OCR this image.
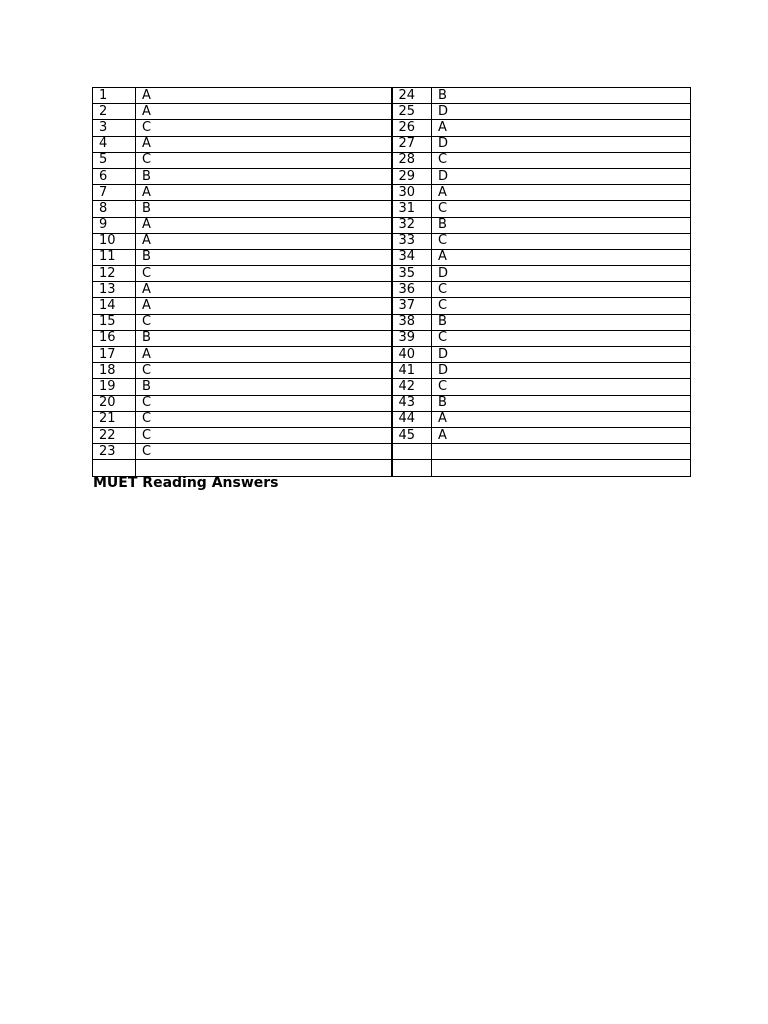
1	A	24	B
2	A	25	D
3	C	26	A
4	A	27	D
5	C	28	C
6	B	29	D
7	A	30	A
8	B	31	C
9	A	32	B
10	A	33	C
11	B	34	A
12	C	35	D
13	A	36	C
14	A	37	C
15	C	38	B
16	B	39	C
17	A	40	D
18	C	41	D
19	B	42	C
20	C	43	B
21	C	44	A
22	C	45	A
23	C		

MUET Reading Answers
